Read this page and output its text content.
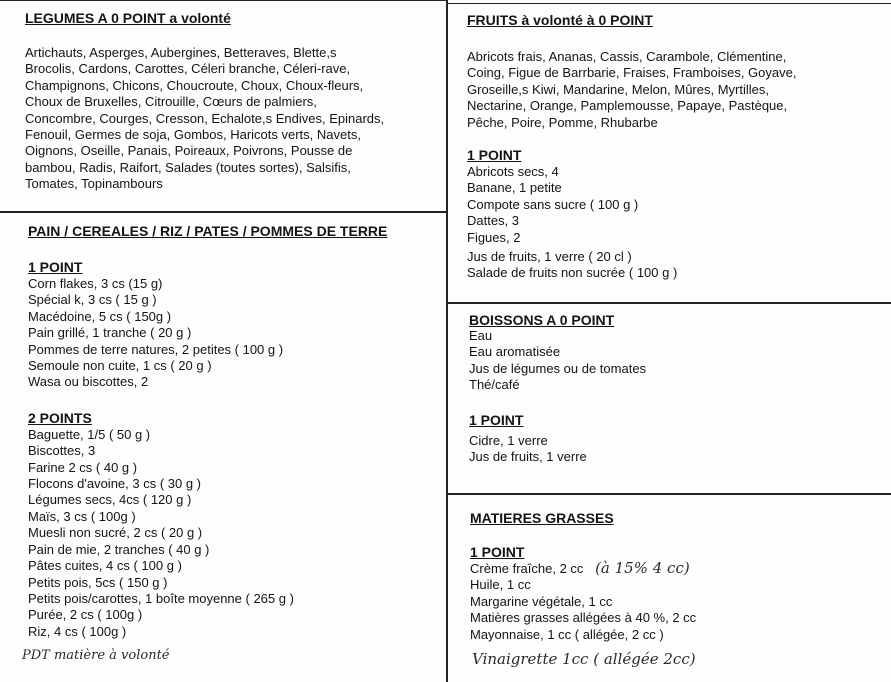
LEGUMES A 0 POINT a volonté
Artichauts, Asperges, Aubergines, Betteraves, Blette,s
Brocolis, Cardons, Carottes, Céleri branche, Céleri-rave,
Champignons, Chicons, Choucroute, Choux, Choux-fleurs,
Choux de Bruxelles, Citrouille, Cœurs de palmiers,
Concombre, Courges, Cresson, Echalote,s Endives, Epinards,
Fenouil, Germes de soja, Gombos, Haricots verts, Navets,
Oignons, Oseille, Panais, Poireaux, Poivrons, Pousse de
bambou, Radis, Raifort, Salades (toutes sortes), Salsifis,
Tomates, Topinambours
PAIN / CEREALES / RIZ / PATES / POMMES DE TERRE
1 POINT
Corn flakes, 3 cs (15 g)
Spécial k, 3 cs ( 15 g )
Macédoine, 5 cs ( 150g )
Pain grillé, 1 tranche ( 20 g )
Pommes de terre natures, 2 petites ( 100 g )
Semoule non cuite, 1 cs ( 20 g )
Wasa ou biscottes, 2
2 POINTS
Baguette, 1/5 ( 50 g )
Biscottes, 3
Farine 2 cs ( 40 g )
Flocons d'avoine, 3 cs ( 30 g )
Légumes secs, 4cs ( 120 g )
Maïs, 3 cs ( 100g )
Muesli non sucré, 2 cs ( 20 g )
Pain de mie, 2 tranches ( 40 g )
Pâtes cuites, 4 cs ( 100 g )
Petits pois, 5cs ( 150 g )
Petits pois/carottes, 1 boîte moyenne ( 265 g )
Purée, 2 cs ( 100g )
Riz, 4 cs ( 100g )
PDT matière à volonté
FRUITS à volonté à 0 POINT
Abricots frais, Ananas, Cassis, Carambole, Clémentine,
Coing, Figue de Barrbarie, Fraises, Framboises, Goyave,
Groseille,s Kiwi, Mandarine, Melon, Mûres, Myrtilles,
Nectarine, Orange, Pamplemousse, Papaye, Pastèque,
Pêche, Poire, Pomme, Rhubarbe
1 POINT
Abricots secs, 4
Banane, 1 petite
Compote sans sucre ( 100 g )
Dattes, 3
Figues, 2
Jus de fruits, 1 verre ( 20 cl )
Salade de fruits non sucrée ( 100 g )
BOISSONS A 0 POINT
Eau
Eau aromatisée
Jus de légumes ou de tomates
Thé/café
1 POINT
Cidre, 1 verre
Jus de fruits, 1 verre
MATIERES GRASSES
1 POINT
Crème fraîche, 2 cc (à 15% 4 cc)
Huile, 1 cc
Margarine végétale, 1 cc
Matières grasses allégées à 40 %, 2 cc
Mayonnaise, 1 cc ( allégée, 2 cc )
Vinaigrette 1cc ( allégée 2cc)
